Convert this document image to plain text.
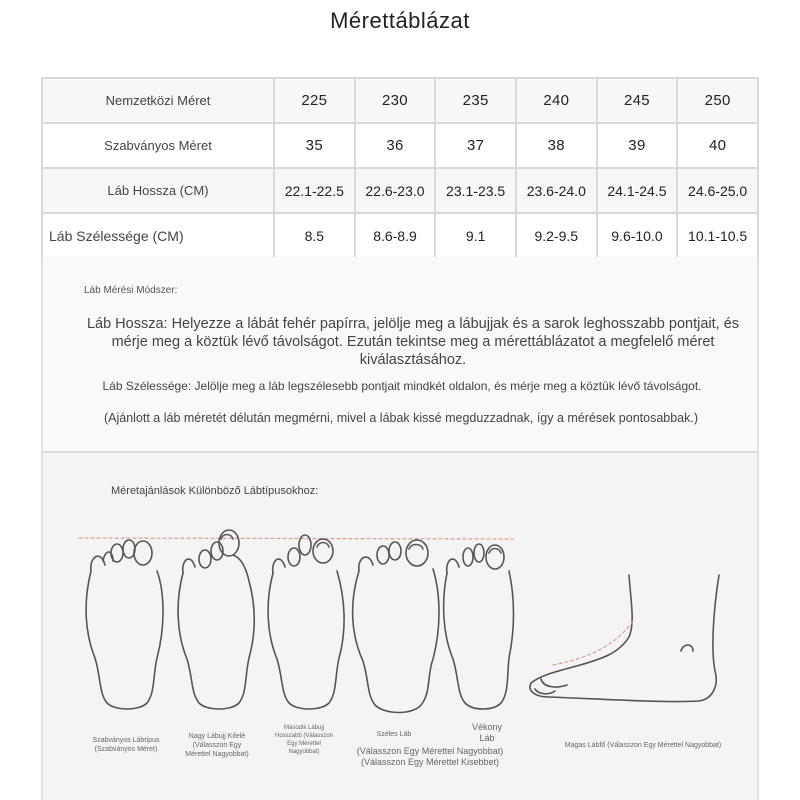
Mérettáblázat
Nemzetközi Méret	225	230	235	240	245	250
Szabványos Méret	35	36	37	38	39	40
Láb Hossza (CM)	22.1-22.5	22.6-23.0	23.1-23.5	23.6-24.0	24.1-24.5	24.6-25.0
Láb Szélessége (CM)	8.5	8.6-8.9	9.1	9.2-9.5	9.6-10.0	10.1-10.5
Láb Mérési Módszer:
Láb Hossza: Helyezze a lábát fehér papírra, jelölje meg a lábujjak és a sarok leghosszabb pontjait, és mérje meg a köztük lévő távolságot. Ezután tekintse meg a mérettáblázatot a megfelelő méret kiválasztásához.
Láb Szélessége: Jelölje meg a láb legszélesebb pontjait mindkét oldalon, és mérje meg a köztük lévő távolságot.
(Ajánlott a láb méretét délután megmérni, mivel a lábak kissé megduzzadnak, így a mérések pontosabbak.)
Méretajánlások Különböző Lábtípusokhoz:
Szabványos Lábtípus
(Szabványos Méret)
Nagy Lábujj Kifelé
(Válasszon Egy
Mérettel Nagyobbat)
Második Lábujj
Hosszabb (Válasszon
Egy Mérettel
Nagyobbat)
Széles Láb
Vékony
Láb
(Válasszon Egy Mérettel Nagyobbat)
(Válasszon Egy Mérettel Kisebbet)
Magas Lábfő (Válasszon Egy Mérettel Nagyobbat)
